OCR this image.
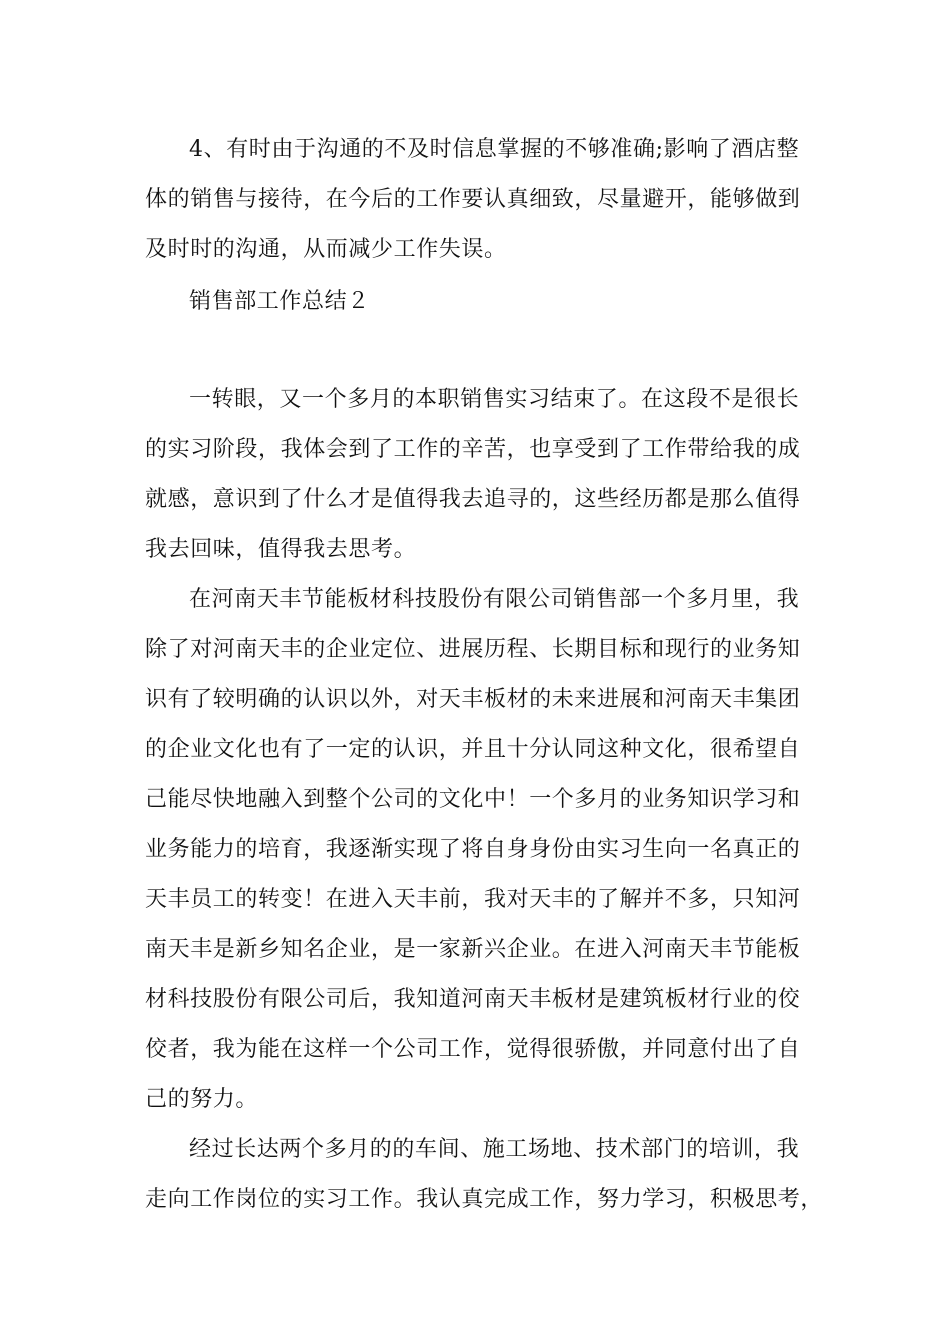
4、有时由于沟通的不及时信息掌握的不够准确;影响了酒店整

体的销售与接待，在今后的工作要认真细致，尽量避开，能够做到

及时时的沟通，从而减少工作失误。

销售部工作总结２

一转眼，又一个多月的本职销售实习结束了。在这段不是很长

的实习阶段，我体会到了工作的辛苦，也享受到了工作带给我的成

就感，意识到了什么才是值得我去追寻的，这些经历都是那么值得

我去回味，值得我去思考。

在河南天丰节能板材科技股份有限公司销售部一个多月里，我

除了对河南天丰的企业定位、进展历程、长期目标和现行的业务知

识有了较明确的认识以外，对天丰板材的未来进展和河南天丰集团

的企业文化也有了一定的认识，并且十分认同这种文化，很希望自

己能尽快地融入到整个公司的文化中！一个多月的业务知识学习和

业务能力的培育，我逐渐实现了将自身身份由实习生向一名真正的

天丰员工的转变！在进入天丰前，我对天丰的了解并不多，只知河

南天丰是新乡知名企业，是一家新兴企业。在进入河南天丰节能板

材科技股份有限公司后，我知道河南天丰板材是建筑板材行业的佼

佼者，我为能在这样一个公司工作，觉得很骄傲，并同意付出了自

己的努力。

经过长达两个多月的的车间、施工场地、技术部门的培训，我

走向工作岗位的实习工作。我认真完成工作，努力学习，积极思考，
